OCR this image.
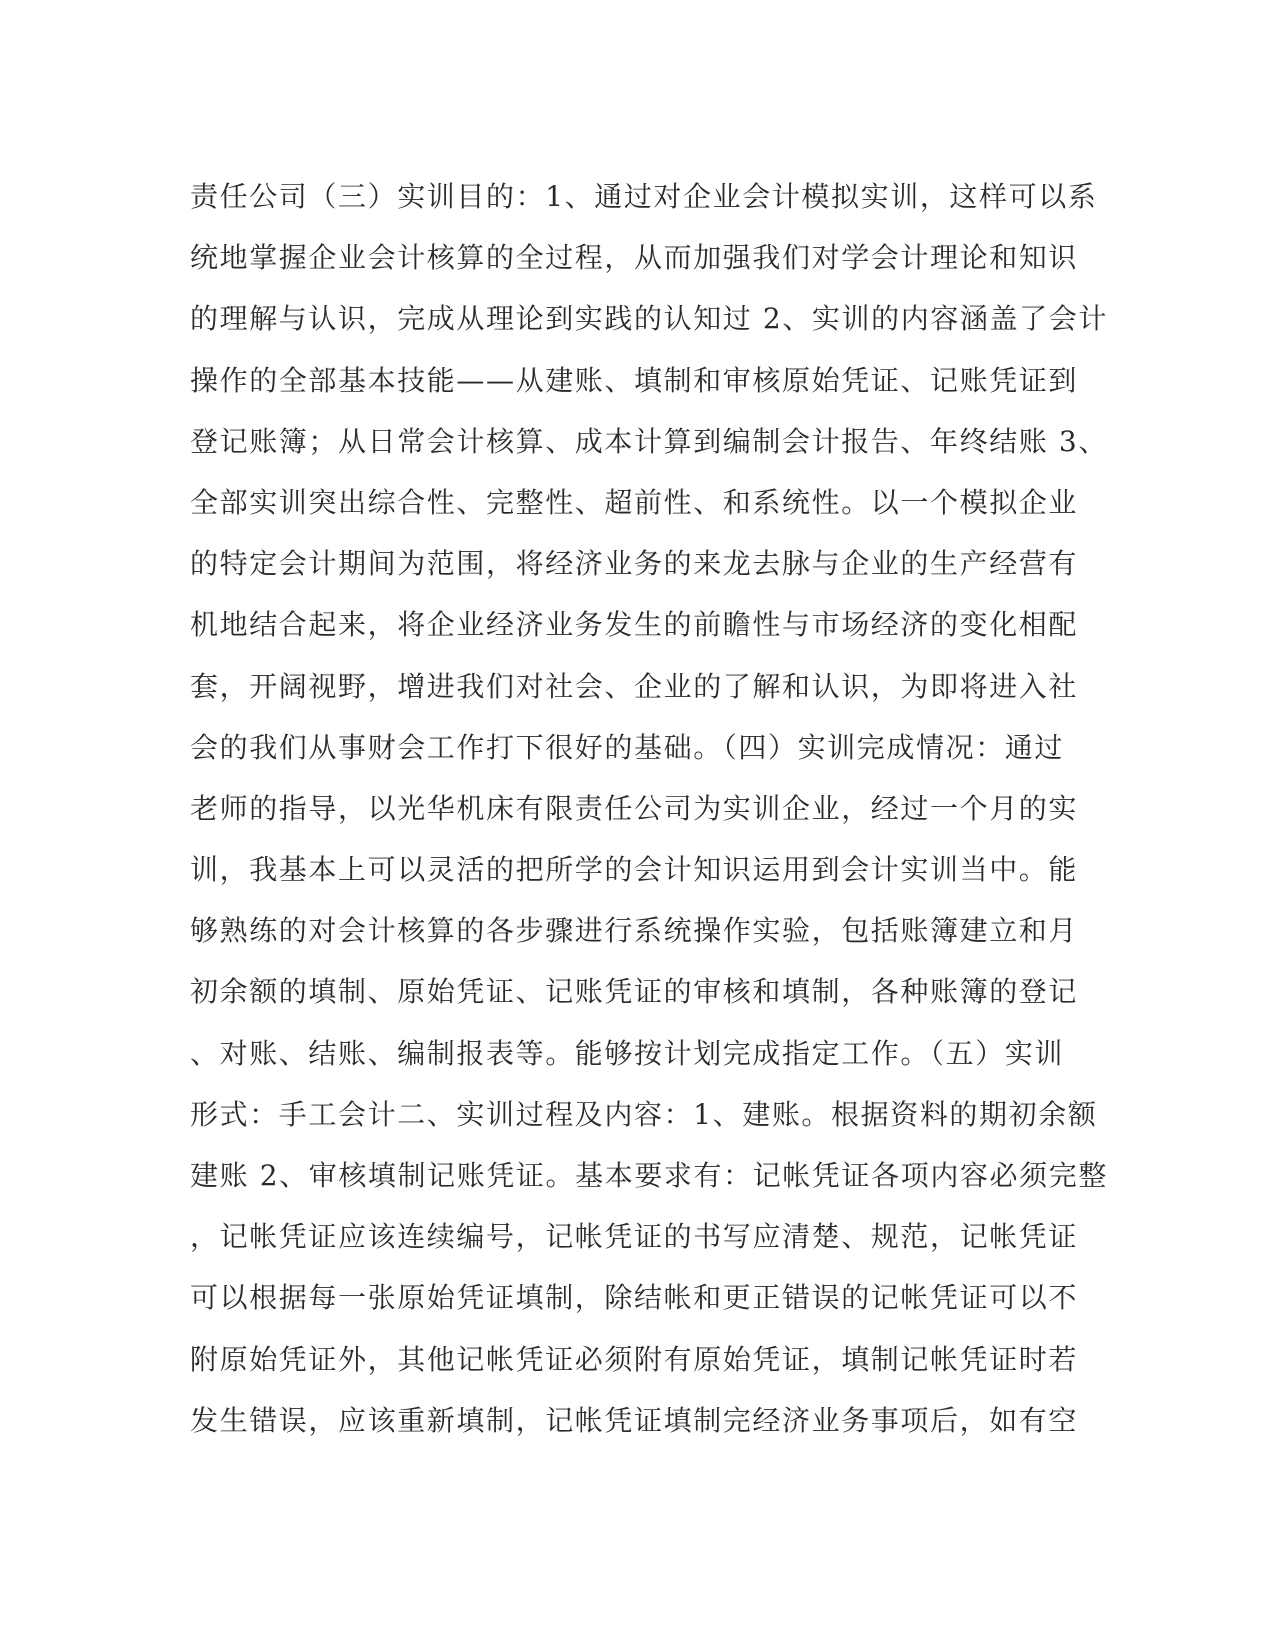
责任公司（三）实训目的：1、通过对企业会计模拟实训，这样可以系
统地掌握企业会计核算的全过程，从而加强我们对学会计理论和知识
的理解与认识，完成从理论到实践的认知过 2、实训的内容涵盖了会计
操作的全部基本技能——从建账、填制和审核原始凭证、记账凭证到
登记账簿；从日常会计核算、成本计算到编制会计报告、年终结账 3、
全部实训突出综合性、完整性、超前性、和系统性。以一个模拟企业
的特定会计期间为范围，将经济业务的来龙去脉与企业的生产经营有
机地结合起来，将企业经济业务发生的前瞻性与市场经济的变化相配
套，开阔视野，增进我们对社会、企业的了解和认识，为即将进入社
会的我们从事财会工作打下很好的基础。（四）实训完成情况：通过
老师的指导，以光华机床有限责任公司为实训企业，经过一个月的实
训，我基本上可以灵活的把所学的会计知识运用到会计实训当中。能
够熟练的对会计核算的各步骤进行系统操作实验，包括账簿建立和月
初余额的填制、原始凭证、记账凭证的审核和填制，各种账簿的登记
、对账、结账、编制报表等。能够按计划完成指定工作。（五）实训
形式：手工会计二、实训过程及内容：1、建账。根据资料的期初余额
建账 2、审核填制记账凭证。基本要求有：记帐凭证各项内容必须完整
，记帐凭证应该连续编号，记帐凭证的书写应清楚、规范，记帐凭证
可以根据每一张原始凭证填制，除结帐和更正错误的记帐凭证可以不
附原始凭证外，其他记帐凭证必须附有原始凭证，填制记帐凭证时若
发生错误，应该重新填制，记帐凭证填制完经济业务事项后，如有空
